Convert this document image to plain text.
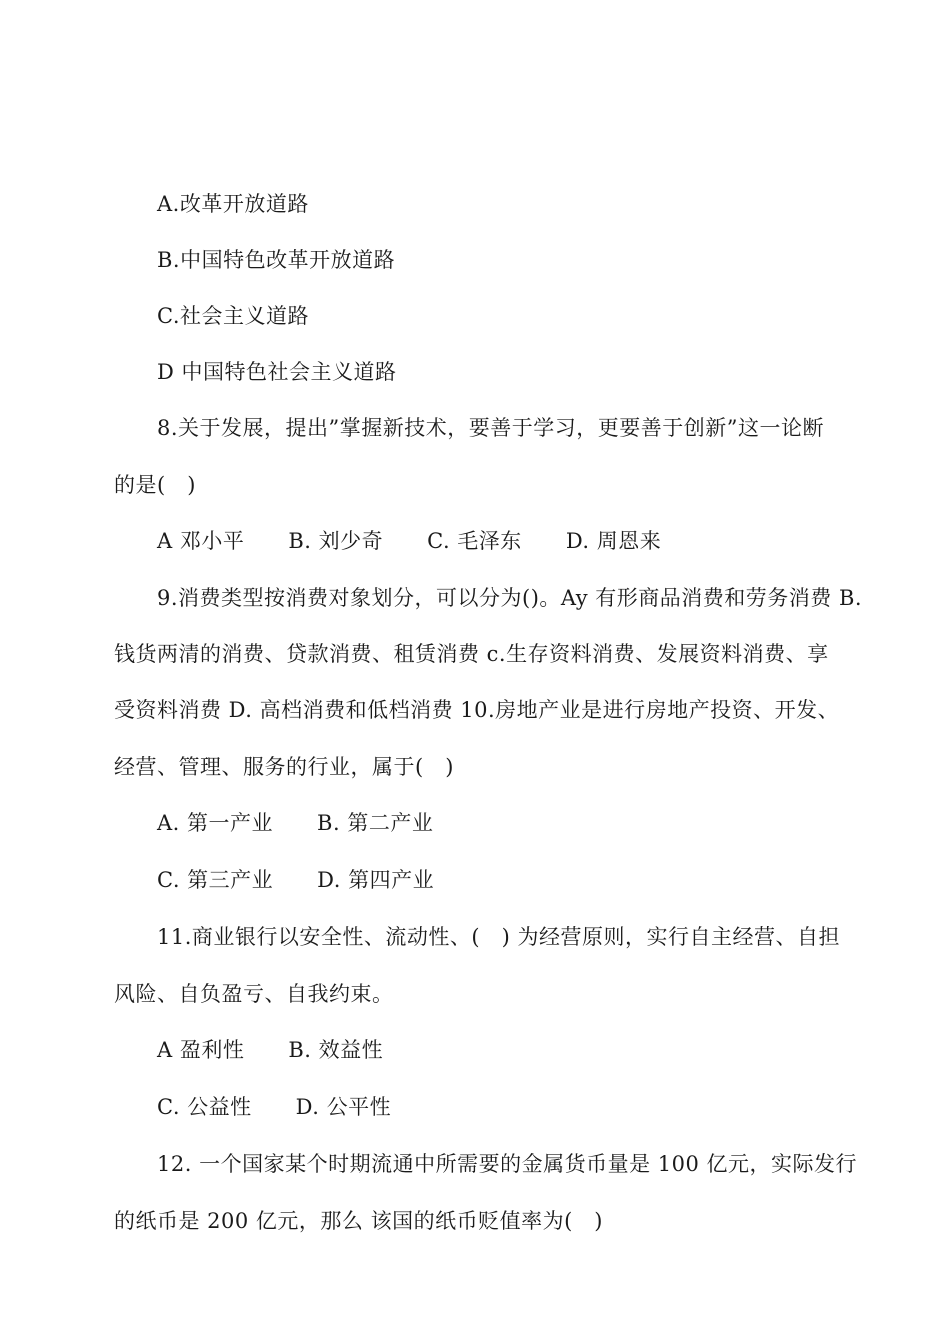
A.改革开放道路
B.中国特色改革开放道路
C.社会主义道路
D 中国特色社会主义道路
8.关于发展，提出”掌握新技术，要善于学习，更要善于创新”这一论断
的是(　)
A 邓小平 B. 刘少奇 C. 毛泽东 D. 周恩来
9.消费类型按消费对象划分，可以分为()。Ay 有形商品消费和劳务消费 B.
钱货两清的消费、贷款消费、租赁消费 c.生存资料消费、发展资料消费、享
受资料消费 D. 高档消费和低档消费 10.房地产业是进行房地产投资、开发、
经营、管理、服务的行业，属于(　)
A. 第一产业 B. 第二产业
C. 第三产业 D. 第四产业
11.商业银行以安全性、流动性、(　) 为经营原则，实行自主经营、自担
风险、自负盈亏、自我约束。
A 盈利性 B. 效益性
C. 公益性 D. 公平性
12. 一个国家某个时期流通中所需要的金属货币量是 100 亿元，实际发行
的纸币是 200 亿元，那么 该国的纸币贬值率为(　)
